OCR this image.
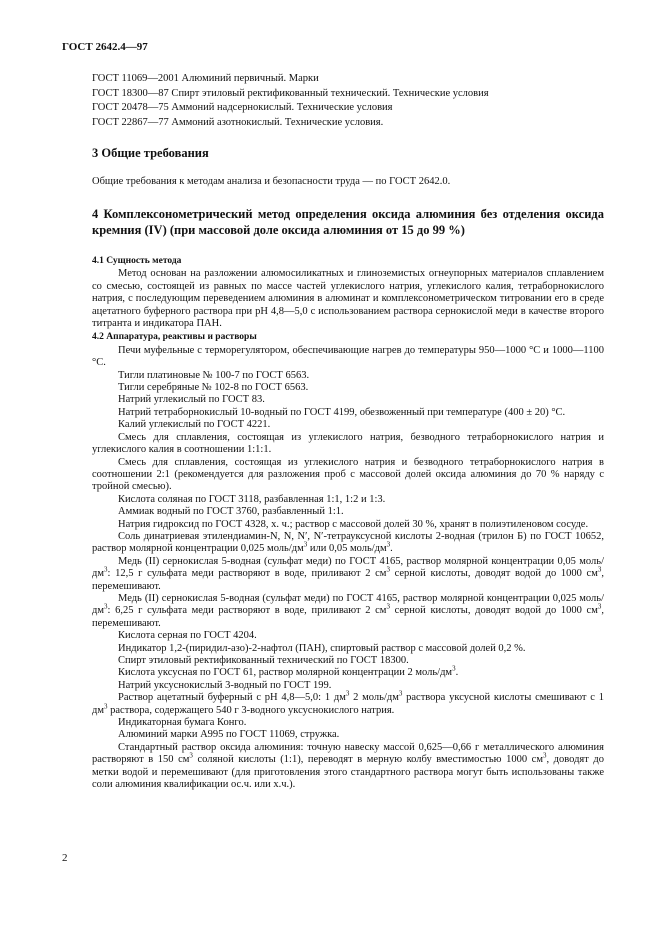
ГОСТ 2642.4—97
ГОСТ 11069—2001 Алюминий первичный. Марки
ГОСТ 18300—87 Спирт этиловый ректификованный технический. Технические условия
ГОСТ 20478—75 Аммоний надсернокислый. Технические условия
ГОСТ 22867—77 Аммоний азотнокислый. Технические условия.
3 Общие требования
Общие требования к методам анализа и безопасности труда — по ГОСТ 2642.0.
4 Комплексонометрический метод определения оксида алюминия без отделения оксида кремния (IV) (при массовой доле оксида алюминия от 15 до 99 %)

4.1 Сущность метода

Метод основан на разложении алюмосиликатных и глиноземистых огнеупорных материалов сплавлением со смесью, состоящей из равных по массе частей углекислого натрия, углекислого калия, тетраборнокислого натрия, с последующим переведением алюминия в алюминат и комплексонометрическом титровании его в среде ацетатного буферного раствора при pH 4,8—5,0 с использованием раствора сернокислой меди в качестве второго титранта и индикатора ПАН.

4.2 Аппаратура, реактивы и растворы

Печи муфельные с терморегулятором, обеспечивающие нагрев до температуры 950—1000 °С и 1000—1100 °С.

Тигли платиновые № 100-7 по ГОСТ 6563.

Тигли серебряные № 102-8 по ГОСТ 6563.

Натрий углекислый по ГОСТ 83.

Натрий тетраборнокислый 10-водный по ГОСТ 4199, обезвоженный при температуре (400 ± 20) °С.

Калий углекислый по ГОСТ 4221.

Смесь для сплавления, состоящая из углекислого натрия, безводного тетраборнокислого натрия и углекислого калия в соотношении 1:1:1.

Смесь для сплавления, состоящая из углекислого натрия и безводного тетраборнокислого натрия в соотношении 2:1 (рекомендуется для разложения проб с массовой долей оксида алюминия до 70 % наряду с тройной смесью).

Кислота соляная по ГОСТ 3118, разбавленная 1:1, 1:2 и 1:3.

Аммиак водный по ГОСТ 3760, разбавленный 1:1.

Натрия гидроксид по ГОСТ 4328, х. ч.; раствор с массовой долей 30 %, хранят в полиэтиленовом сосуде.

Соль динатриевая этилендиамин-N, N, N′, N′-тетрауксусной кислоты 2-водная (трилон Б) по ГОСТ 10652, раствор молярной концентрации 0,025 моль/$дм^3$ или 0,05 моль/$дм^3$.

Медь (II) сернокислая 5-водная (сульфат меди) по ГОСТ 4165, раствор молярной концентрации 0,05 моль/$дм^3$: 12,5 г сульфата меди растворяют в воде, приливают 2 $см^3$ серной кислоты, доводят водой до 1000 $см^3$, перемешивают.

Медь (II) сернокислая 5-водная (сульфат меди) по ГОСТ 4165, раствор молярной концентрации 0,025 моль/$дм^3$: 6,25 г сульфата меди растворяют в воде, приливают 2 $см^3$ серной кислоты, доводят водой до 1000 $см^3$, перемешивают.

Кислота серная по ГОСТ 4204.

Индикатор 1,2-(пиридил-азо)-2-нафтол (ПАН), спиртовый раствор с массовой долей 0,2 %.

Спирт этиловый ректификованный технический по ГОСТ 18300.

Кислота уксусная по ГОСТ 61, раствор молярной концентрации 2 моль/$дм^3$.

Натрий уксуснокислый 3-водный по ГОСТ 199.

Раствор ацетатный буферный с pH 4,8—5,0: 1 $дм^3$ 2 моль/$дм^3$ раствора уксусной кислоты смешивают с 1 $дм^3$ раствора, содержащего 540 г 3-водного уксуснокислого натрия.

Индикаторная бумага Конго.

Алюминий марки А995 по ГОСТ 11069, стружка.

Стандартный раствор оксида алюминия: точную навеску массой 0,625—0,66 г металлического алюминия растворяют в 150 $см^3$ соляной кислоты (1:1), переводят в мерную колбу вместимостью 1000 $см^3$, доводят до метки водой и перемешивают (для приготовления этого стандартного раствора могут быть использованы также соли алюминия квалификации ос.ч. или х.ч.).

2
